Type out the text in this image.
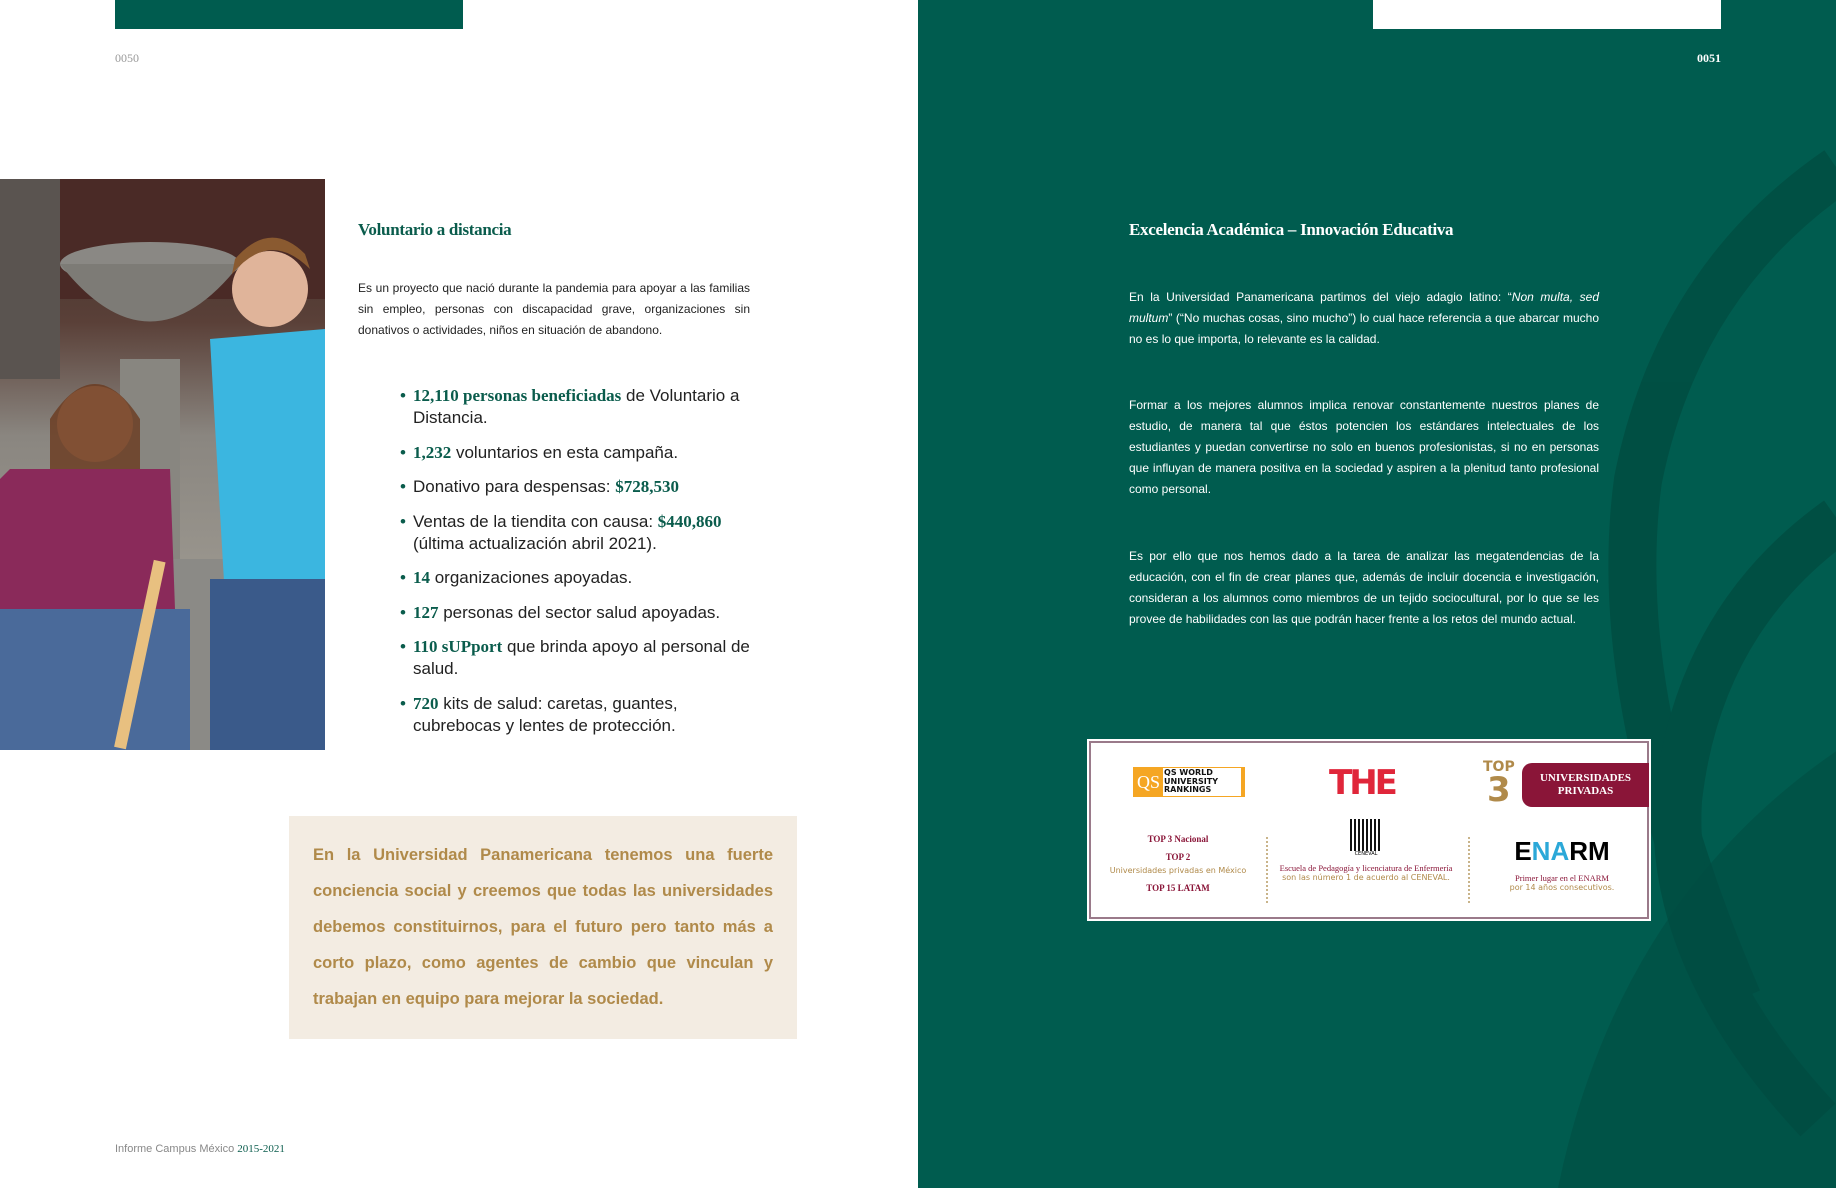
0050
Voluntario a distancia

Es un proyecto que nació durante la pandemia para apoyar a las familias sin empleo, personas con discapacidad grave, organizaciones sin donativos o actividades, niños en situación de abandono.

• 12,110 personas beneficiadas de Voluntario a Distancia.
• 1,232 voluntarios en esta campaña.
• Donativo para despensas: $728,530
• Ventas de la tiendita con causa: $440,860 (última actualización abril 2021).
• 14 organizaciones apoyadas.
• 127 personas del sector salud apoyadas.
• 110 sUPport que brinda apoyo al personal de salud.
• 720 kits de salud: caretas, guantes, cubrebocas y lentes de protección.

En la Universidad Panamericana tenemos una fuerte conciencia social y creemos que todas las universidades debemos constituirnos, para el futuro pero tanto más a corto plazo, como agentes de cambio que vinculan y trabajan en equipo para mejorar la sociedad.

Informe Campus México 2015-2021
0051
Excelencia Académica – Innovación Educativa

En la Universidad Panamericana partimos del viejo adagio latino: “Non multa, sed multum” (“No muchas cosas, sino mucho”) lo cual hace referencia a que abarcar mucho no es lo que importa, lo relevante es la calidad.

Formar a los mejores alumnos implica renovar constantemente nuestros planes de estudio, de manera tal que éstos potencien los estándares intelectuales de los estudiantes y puedan convertirse no solo en buenos profesionistas, si no en personas que influyan de manera positiva en la sociedad y aspiren a la plenitud tanto profesional como personal.

Es por ello que nos hemos dado a la tarea de analizar las megatendencias de la educación, con el fin de crear planes que, además de incluir docencia e investigación, consideran a los alumnos como miembros de un tejido sociocultural, por lo que se les provee de habilidades con las que podrán hacer frente a los retos del mundo actual.

QS QS WORLD UNIVERSITY RANKINGS	THE	TOP
3	UNIVERSIDADES PRIVADAS
TOP 3 Nacional
TOP 2
Universidades privadas en México
TOP 15 LATAM
CENEVAL
Escuela de Pedagogía y licenciatura de Enfermería
son las número 1 de acuerdo al CENEVAL.
ENARM
Primer lugar en el ENARM
por 14 años consecutivos.
